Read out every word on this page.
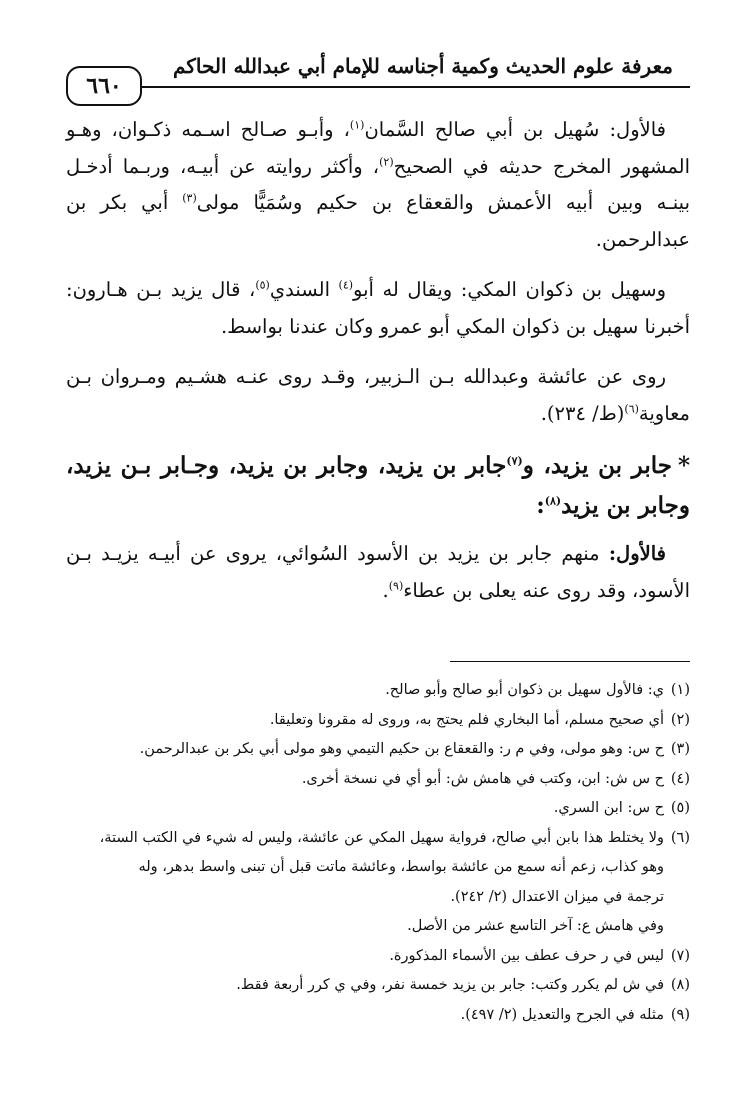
معرفة علوم الحديث وكمية أجناسه للإمام أبي عبدالله الحاكم
٦٦٠

فالأول: سُهيل بن أبي صالح السَّمان$^{(١)}$، وأبـو صـالح اسـمه ذكـوان، وهـو المشهور المخرج حديثه في الصحيح$^{(٢)}$، وأكثر روايته عن أبيـه، وربـما أدخـل بينـه وبين أبيه الأعمش والقعقاع بن حكيم وسُمَيًّا مولى$^{(٣)}$ أبي بكر بن عبدالرحمن.

وسهيل بن ذكوان المكي: ويقال له أبو$^{(٤)}$ السندي$^{(٥)}$، قال يزيد بـن هـارون: أخبرنا سهيل بن ذكوان المكي أبو عمرو وكان عندنا بواسط.

روى عن عائشة وعبدالله بـن الـزبير، وقـد روى عنـه هشـيم ومـروان بـن معاوية$^{(٦)}$(ط/ ٢٣٤).

*جابر بن يزيد، و$^{(٧)}$جابر بن يزيد، وجابر بن يزيد، وجـابر بـن يزيد، وجابر بن يزيد$^{(٨)}$:

فالأول: منهم جابر بن يزيد بن الأسود السُوائي، يروى عن أبيـه يزيـد بـن الأسود، وقد روى عنه يعلى بن عطاء$^{(٩)}$.

(١)ي: فالأول سهيل بن ذكوان أبو صالح وأبو صالح.

(٢)أي صحيح مسلم، أما البخاري فلم يحتج به، وروى له مقرونا وتعليقا.

(٣)ح س: وهو مولى، وفي م ر: والقعقاع بن حكيم التيمي وهو مولى أبي بكر بن عبدالرحمن.

(٤)ح س ش: ابن، وكتب في هامش ش: أبو أي في نسخة أخرى.

(٥)ح س: ابن السري.

(٦)ولا يختلط هذا بابن أبي صالح، فرواية سهيل المكي عن عائشة، وليس له شيء في الكتب الستة،

وهو كذاب، زعم أنه سمع من عائشة بواسط، وعائشة ماتت قبل أن تبنى واسط بدهر، وله

ترجمة في ميزان الاعتدال (٢/ ٢٤٢).

وفي هامش ع: آخر التاسع عشر من الأصل.

(٧)ليس في ر حرف عطف بين الأسماء المذكورة.

(٨)في ش لم يكرر وكتب: جابر بن يزيد خمسة نفر، وفي ي كرر أربعة فقط.

(٩)مثله في الجرح والتعديل (٢/ ٤٩٧).
